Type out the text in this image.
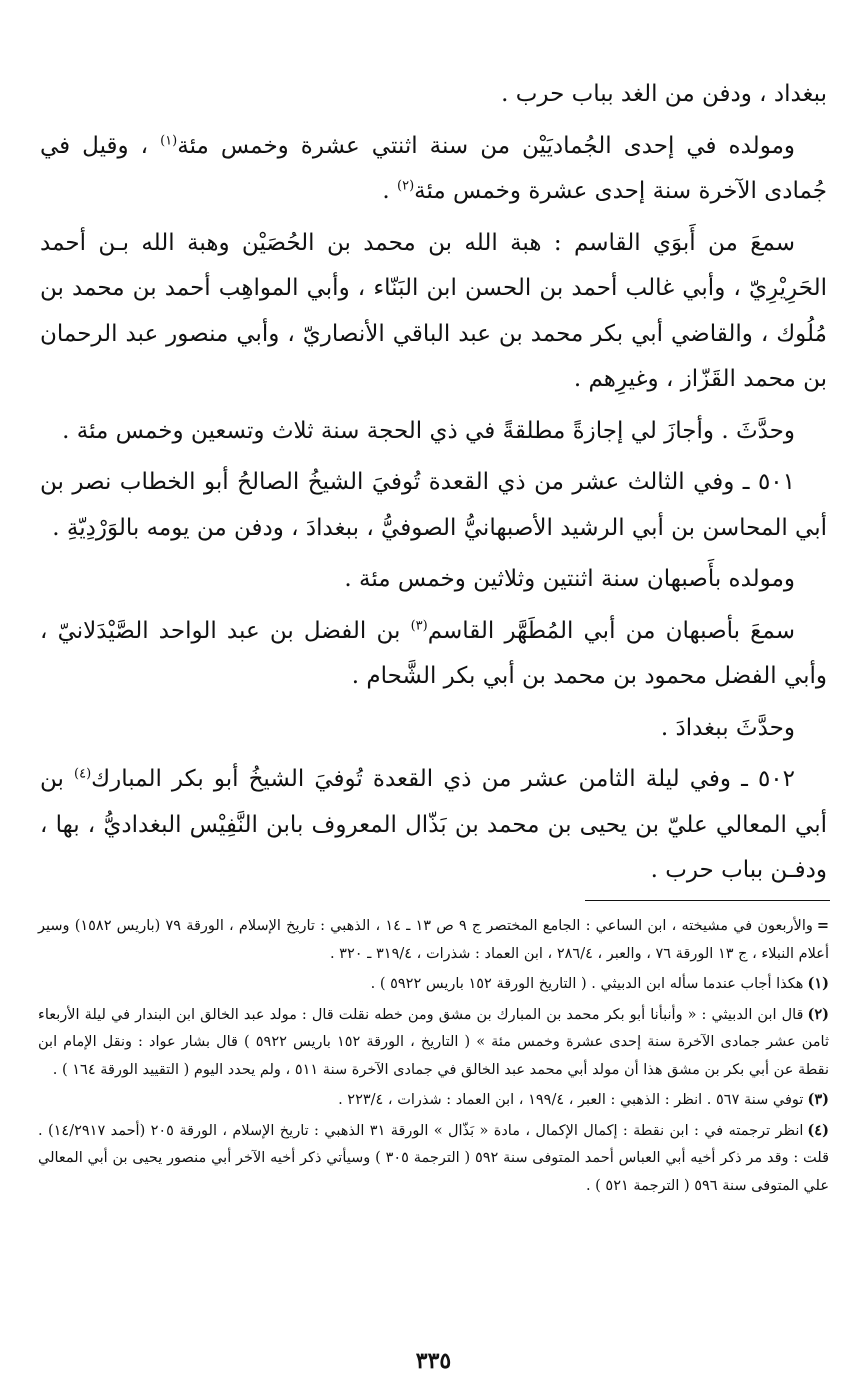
ببغداد ، ودفن من الغد بباب حرب .

ومولده في إحدى الجُماديَيْن من سنة اثنتي عشرة وخمس مئة$^{(١)}$ ، وقيل في جُمادى الآخرة سنة إحدى عشرة وخمس مئة$^{(٢)}$ .

سمعَ من أَبوَي القاسم : هبة الله بن محمد بن الحُصَيْن وهبة الله بـن أحمد الحَرِيْرِيّ ، وأبي غالب أحمد بن الحسن ابن البَنّاء ، وأبي المواهِب أحمد بن محمد بن مُلُوك ، والقاضي أبي بكر محمد بن عبد الباقي الأنصاريّ ، وأبي منصور عبد الرحمان بن محمد القَزّاز ، وغيرِهم .

وحدَّثَ . وأجازَ لي إجازةً مطلقةً في ذي الحجة سنة ثلاث وتسعين وخمس مئة .

٥٠١ ـ وفي الثالث عشر من ذي القعدة تُوفيَ الشيخُ الصالحُ أبو الخطاب نصر بن أبي المحاسن بن أبي الرشيد الأصبهانيُّ الصوفيُّ ، ببغدادَ ، ودفن من يومه بالوَرْدِيّةِ .

ومولده بأَصبهان سنة اثنتين وثلاثين وخمس مئة .

سمعَ بأصبهان من أبي المُطَهَّر القاسم$^{(٣)}$ بن الفضل بن عبد الواحد الصَّيْدَلانيّ ، وأبي الفضل محمود بن محمد بن أبي بكر الشَّحام .

وحدَّثَ ببغدادَ .

٥٠٢ ـ وفي ليلة الثامن عشر من ذي القعدة تُوفيَ الشيخُ أبو بكر المبارك$^{(٤)}$ بن أبي المعالي عليّ بن يحيى بن محمد بن بَذّال المعروف بابن النَّفِيْس البغداديُّ ، بها ، ودفـن بباب حرب .

=والأربعون في مشيخته ، ابن الساعي : الجامع المختصر ج ٩ ص ١٣ ـ ١٤ ، الذهبي : تاريخ الإسلام ، الورقة ٧٩ (باريس ١٥٨٢) وسير أعلام النبلاء ، ج ١٣ الورقة ٧٦ ، والعبر ، ٢٨٦/٤ ، ابن العماد : شذرات ، ٣١٩/٤ ـ ٣٢٠ .

(١)هكذا أجاب عندما سأله ابن الدبيثي . ( التاريخ الورقة ١٥٢ باريس ٥٩٢٢ ) .

(٢)قال ابن الدبيثي : « وأنبأنا أبو بكر محمد بن المبارك بن مشق ومن خطه نقلت قال : مولد عبد الخالق ابن البندار في ليلة الأربعاء ثامن عشر جمادى الآخرة سنة إحدى عشرة وخمس مئة » ( التاريخ ، الورقة ١٥٢ باريس ٥٩٢٢ ) قال بشار عواد : ونقل الإمام ابن نقطة عن أبي بكر بن مشق هذا أن مولد أبي محمد عبد الخالق في جمادى الآخرة سنة ٥١١ ، ولم يحدد اليوم ( التقييد الورقة ١٦٤ ) .

(٣)توفي سنة ٥٦٧ . انظر : الذهبي : العبر ، ١٩٩/٤ ، ابن العماد : شذرات ، ٢٢٣/٤ .

(٤)انظر ترجمته في : ابن نقطة : إكمال الإكمال ، مادة « بَذّال » الورقة ٣١ الذهبي : تاريخ الإسلام ، الورقة ٢٠٥ (أحمد ١٤/٢٩١٧) . قلت : وقد مر ذكر أخيه أبي العباس أحمد المتوفى سنة ٥٩٢ ( الترجمة ٣٠٥ ) وسيأتي ذكر أخيه الآخر أبي منصور يحيى بن أبي المعالي علي المتوفى سنة ٥٩٦ ( الترجمة ٥٢١ ) .

٣٣٥
